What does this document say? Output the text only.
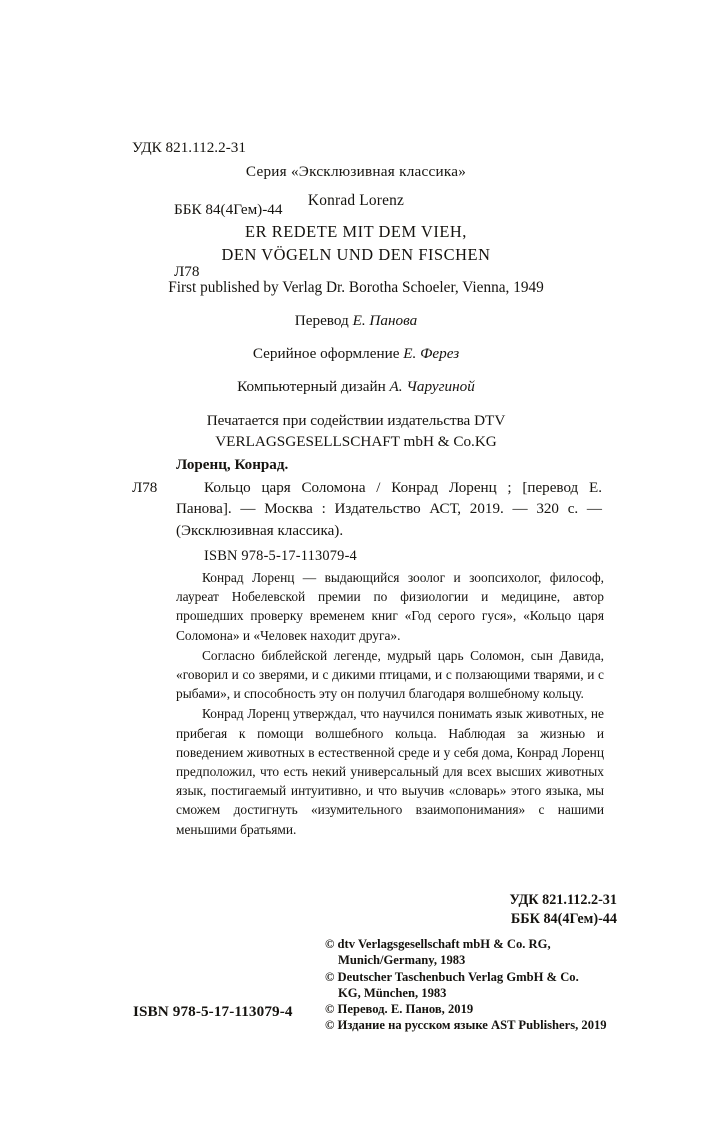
УДК 821.112.2-31

ББК 84(4Гем)-44

Л78

Серия «Эксклюзивная классика»
Konrad Lorenz
ER REDETE MIT DEM VIEH,
DEN VÖGELN UND DEN FISCHEN
First published by Verlag Dr. Borotha Schoeler, Vienna, 1949
Перевод Е. Панова
Серийное оформление Е. Ферез
Компьютерный дизайн А. Чаругиной
Печатается при содействии издательства DTV
VERLAGSGESELLSCHAFT mbH & Co.KG
Лоренц, Конрад.
Л78	Кольцо царя Соломона / Конрад Лоренц ; [перевод Е. Панова]. — Москва : Издательство АСТ, 2019. — 320 с. — (Эксклюзивная классика).
ISBN 978-5-17-113079-4

Конрад Лоренц — выдающийся зоолог и зоопсихолог, философ, лауреат Нобелевской премии по физиологии и медицине, автор прошедших проверку временем книг «Год серого гуся», «Кольцо царя Соломона» и «Человек находит друга».

Согласно библейской легенде, мудрый царь Соломон, сын Давида, «говорил и со зверями, и с дикими птицами, и с ползающими тварями, и с рыбами», и способность эту он получил благодаря волшебному кольцу.

Конрад Лоренц утверждал, что научился понимать язык животных, не прибегая к помощи волшебного кольца. Наблюдая за жизнью и поведением животных в естественной среде и у себя дома, Конрад Лоренц предположил, что есть некий универсальный для всех высших животных язык, постигаемый интуитивно, и что выучив «словарь» этого языка, мы сможем достигнуть «изумительного взаимопонимания» с нашими меньшими братьями.

УДК 821.112.2-31
ББК 84(4Гем)-44
© dtv Verlagsgesellschaft mbH & Co. RG,
Munich/Germany, 1983
© Deutscher Taschenbuch Verlag GmbH & Co.
KG, München, 1983
© Перевод. Е. Панов, 2019
© Издание на русском языке AST Publishers, 2019
ISBN 978-5-17-113079-4
